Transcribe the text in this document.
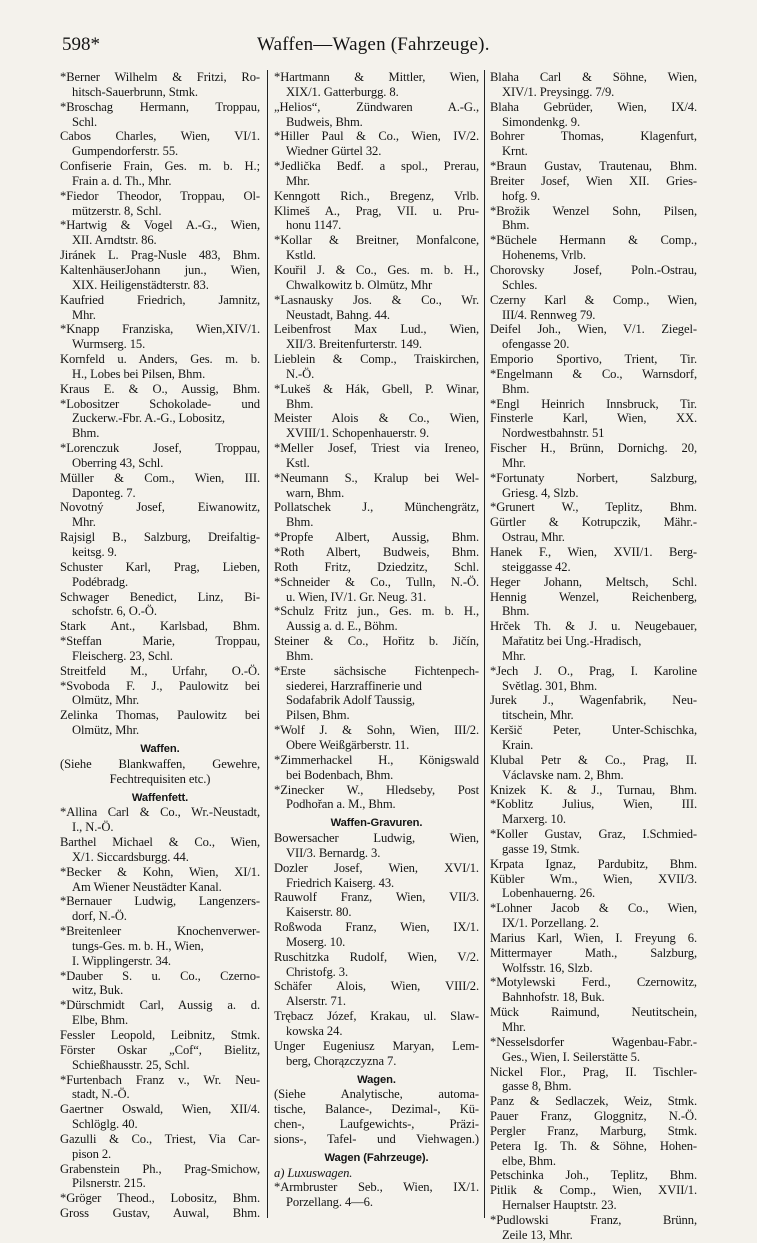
598*	Waffen—Wagen (Fahrzeuge).
*Berner Wilhelm & Fritzi, Ro-
hitsch-Sauerbrunn, Stmk.
*Broschag Hermann, Troppau,
Schl.
Cabos Charles, Wien, VI/1.
Gumpendorferstr. 55.
Confiserie Frain, Ges. m. b. H.;
Frain a. d. Th., Mhr.
*Fiedor Theodor, Troppau, Ol-
mützerstr. 8, Schl.
*Hartwig & Vogel A.-G., Wien,
XII. Arndtstr. 86.
Jiránek L. Prag-Nusle 483, Bhm.
KaltenhäuserJohann jun., Wien,
XIX. Heiligenstädterstr. 83.
Kaufried Friedrich, Jamnitz,
Mhr.
*Knapp Franziska, Wien,XIV/1.
Wurmserg. 15.
Kornfeld u. Anders, Ges. m. b.
H., Lobes bei Pilsen, Bhm.
Kraus E. & O., Aussig, Bhm.
*Lobositzer Schokolade- und
Zuckerw.-Fbr. A.-G., Lobositz,
Bhm.
*Lorenczuk Josef, Troppau,
Oberring 43, Schl.
Müller & Com., Wien, III.
Daponteg. 7.
Novotný Josef, Eiwanowitz,
Mhr.
Rajsigl B., Salzburg, Dreifaltig-
keitsg. 9.
Schuster Karl, Prag, Lieben,
Podébradg.
Schwager Benedict, Linz, Bi-
schofstr. 6, O.-Ö.
Stark Ant., Karlsbad, Bhm.
*Steffan Marie, Troppau,
Fleischerg. 23, Schl.
Streitfeld M., Urfahr, O.-Ö.
*Svoboda F. J., Paulowitz bei
Olmütz, Mhr.
Zelinka Thomas, Paulowitz bei
Olmütz, Mhr.
Waffen.
(Siehe Blankwaffen, Gewehre,
Fechtrequisiten etc.)
Waffenfett.
*Allina Carl & Co., Wr.-Neustadt,
I., N.-Ö.
Barthel Michael & Co., Wien,
X/1. Siccardsburgg. 44.
*Becker & Kohn, Wien, XI/1.
Am Wiener Neustädter Kanal.
*Bernauer Ludwig, Langenzers-
dorf, N.-Ö.
*Breitenleer Knochenverwer-
tungs-Ges. m. b. H., Wien,
I. Wipplingerstr. 34.
*Dauber S. u. Co., Czerno-
witz, Buk.
*Dürschmidt Carl, Aussig a. d.
Elbe, Bhm.
Fessler Leopold, Leibnitz, Stmk.
Förster Oskar „Cof“, Bielitz,
Schießhausstr. 25, Schl.
*Furtenbach Franz v., Wr. Neu-
stadt, N.-Ö.
Gaertner Oswald, Wien, XII/4.
Schlöglg. 40.
Gazulli & Co., Triest, Via Car-
pison 2.
Grabenstein Ph., Prag-Smichow,
Pilsnerstr. 215.
*Gröger Theod., Lobositz, Bhm.
Gross Gustav, Auwal, Bhm.
*Hartmann & Mittler, Wien,
XIX/1. Gatterburgg. 8.
„Helios“, Zündwaren A.-G.,
Budweis, Bhm.
*Hiller Paul & Co., Wien, IV/2.
Wiedner Gürtel 32.
*Jedlička Bedf. a spol., Prerau,
Mhr.
Kenngott Rich., Bregenz, Vrlb.
Klimeš A., Prag, VII. u. Pru-
honu 1147.
*Kollar & Breitner, Monfalcone,
Kstld.
Kouřil J. & Co., Ges. m. b. H.,
Chwalkowitz b. Olmütz, Mhr
*Lasnausky Jos. & Co., Wr.
Neustadt, Bahng. 44.
Leibenfrost Max Lud., Wien,
XII/3. Breitenfurterstr. 149.
Lieblein & Comp., Traiskirchen,
N.-Ö.
*Lukeš & Hák, Gbell, P. Winar,
Bhm.
Meister Alois & Co., Wien,
XVIII/1. Schopenhauerstr. 9.
*Meller Josef, Triest via Ireneo,
Kstl.
*Neumann S., Kralup bei Wel-
warn, Bhm.
Pollatschek J., Münchengrätz,
Bhm.
*Propfe Albert, Aussig, Bhm.
*Roth Albert, Budweis, Bhm.
Roth Fritz, Dziedzitz, Schl.
*Schneider & Co., Tulln, N.-Ö.
u. Wien, IV/1. Gr. Neug. 31.
*Schulz Fritz jun., Ges. m. b. H.,
Aussig a. d. E., Böhm.
Steiner & Co., Hořitz b. Jičín,
Bhm.
*Erste sächsische Fichtenpech-
siederei, Harzraffinerie und
Sodafabrik Adolf Taussig,
Pilsen, Bhm.
*Wolf J. & Sohn, Wien, III/2.
Obere Weißgärberstr. 11.
*Zimmerhackel H., Königswald
bei Bodenbach, Bhm.
*Zinecker W., Hledseby, Post
Podhořan a. M., Bhm.
Waffen-Gravuren.
Bowersacher Ludwig, Wien,
VII/3. Bernardg. 3.
Dozler Josef, Wien, XVI/1.
Friedrich Kaiserg. 43.
Rauwolf Franz, Wien, VII/3.
Kaiserstr. 80.
Roßwoda Franz, Wien, IX/1.
Moserg. 10.
Ruschitzka Rudolf, Wien, V/2.
Christofg. 3.
Schäfer Alois, Wien, VIII/2.
Alserstr. 71.
Trębacz Józef, Krakau, ul. Slaw-
kowska 24.
Unger Eugeniusz Maryan, Lem-
berg, Chorązczyzna 7.
Wagen.
(Siehe Analytische, automa-
tische, Balance-, Dezimal-, Kü-
chen-, Laufgewichts-, Präzi-
sions-, Tafel- und Viehwagen.)
Wagen (Fahrzeuge).
a) Luxuswagen.
*Armbruster Seb., Wien, IX/1.
Porzellang. 4—6.
Blaha Carl & Söhne, Wien,
XIV/1. Preysingg. 7/9.
Blaha Gebrüder, Wien, IX/4.
Simondenkg. 9.
Bohrer Thomas, Klagenfurt,
Krnt.
*Braun Gustav, Trautenau, Bhm.
Breiter Josef, Wien XII. Gries-
hofg. 9.
*Brožik Wenzel Sohn, Pilsen,
Bhm.
*Büchele Hermann & Comp.,
Hohenems, Vrlb.
Chorovsky Josef, Poln.-Ostrau,
Schles.
Czerny Karl & Comp., Wien,
III/4. Rennweg 79.
Deifel Joh., Wien, V/1. Ziegel-
ofengasse 20.
Emporio Sportivo, Trient, Tir.
*Engelmann & Co., Warnsdorf,
Bhm.
*Engl Heinrich Innsbruck, Tir.
Finsterle Karl, Wien, XX.
Nordwestbahnstr. 51
Fischer H., Brünn, Dornichg. 20,
Mhr.
*Fortunaty Norbert, Salzburg,
Griesg. 4, Slzb.
*Grunert W., Teplitz, Bhm.
Gürtler & Kotrupczik, Mähr.-
Ostrau, Mhr.
Hanek F., Wien, XVII/1. Berg-
steiggasse 42.
Heger Johann, Meltsch, Schl.
Hennig Wenzel, Reichenberg,
Bhm.
Hrček Th. & J. u. Neugebauer,
Mařatitz bei Ung.-Hradisch,
Mhr.
*Jech J. O., Prag, I. Karoline
Světlag. 301, Bhm.
Jurek J., Wagenfabrik, Neu-
titschein, Mhr.
Keršič Peter, Unter-Schischka,
Krain.
Klubal Petr & Co., Prag, II.
Václavske nam. 2, Bhm.
Knizek K. & J., Turnau, Bhm.
*Koblitz Julius, Wien, III.
Marxerg. 10.
*Koller Gustav, Graz, I.Schmied-
gasse 19, Stmk.
Krpata Ignaz, Pardubitz, Bhm.
Kübler Wm., Wien, XVII/3.
Lobenhauerng. 26.
*Lohner Jacob & Co., Wien,
IX/1. Porzellang. 2.
Marius Karl, Wien, I. Freyung 6.
Mittermayer Math., Salzburg,
Wolfsstr. 16, Slzb.
*Motylewski Ferd., Czernowitz,
Bahnhofstr. 18, Buk.
Mück Raimund, Neutitschein,
Mhr.
*Nesselsdorfer Wagenbau-Fabr.-
Ges., Wien, I. Seilerstätte 5.
Nickel Flor., Prag, II. Tischler-
gasse 8, Bhm.
Panz & Sedlaczek, Weiz, Stmk.
Pauer Franz, Gloggnitz, N.-Ö.
Pergler Franz, Marburg, Stmk.
Petera Ig. Th. & Söhne, Hohen-
elbe, Bhm.
Petschinka Joh., Teplitz, Bhm.
Pitlik & Comp., Wien, XVII/1.
Hernalser Hauptstr. 23.
*Pudlowski Franz, Brünn,
Zeile 13, Mhr.
